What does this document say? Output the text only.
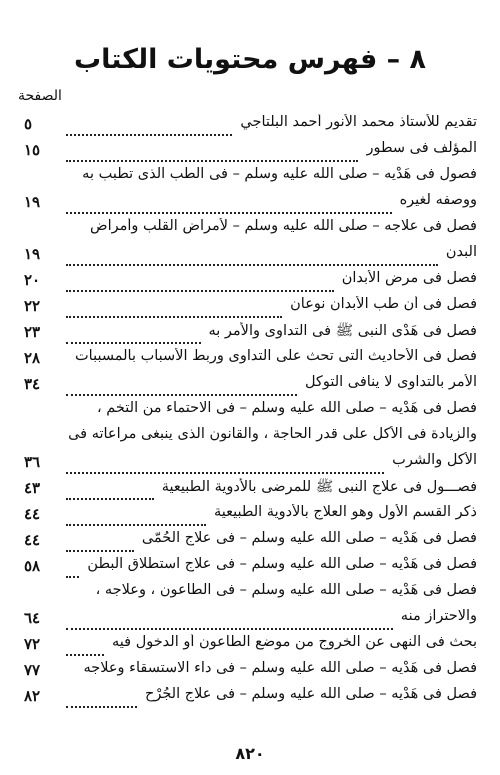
٨ – فهرس محتويات الكتاب
الصفحة
تقديم للأستاذ محمد الأنور أحمد البلتاجي
٥
المؤلف فى سطور
١٥
فصول فى هَدْيه – صلى الله عليه وسلم – فى الطب الذى تطبب به
ووصفه لغيره
١٩
فصل فى علاجه – صلى الله عليه وسلم – لأمراض القلب وأمراض
البدن
١٩
فصل فى مرض الأبدان
٢٠
فصل فى أن طب الأبدان نوعان
٢٢
فصل فى هَدْى النبى ﷺ فى التداوى والأمر به
٢٣
فصل فى الأحاديث التى تحث على التداوى وربط الأسباب بالمسببات
٢٨
الأمر بالتداوى لا ينافى التوكل
٣٤
فصل فى هَدْيه – صلى الله عليه وسلم – فى الاحتماء من التخم ،
والزيادة فى الأكل على قدر الحاجة ، والقانون الذى ينبغى مراعاته فى
الأكل والشرب
٣٦
فصـــول فى علاج النبى ﷺ للمرضى بالأدوية الطبيعية
٤٣
ذكر القسم الأول وهو العلاج بالأدوية الطبيعية
٤٤
فصل فى هَدْيه – صلى الله عليه وسلم – فى علاج الحُمّى
٤٤
فصل فى هَدْيه – صلى الله عليه وسلم – فى علاج استطلاق البطن
٥٨
فصل فى هَدْيه – صلى الله عليه وسلم – فى الطاعون ، وعلاجه ،
والاحتراز منه
٦٤
بحث فى النهى عن الخروج من موضع الطاعون أو الدخول فيه
٧٢
فصل فى هَدْيه – صلى الله عليه وسلم – فى داء الاستسقاء وعلاجه
٧٧
فصل فى هَدْيه – صلى الله عليه وسلم – فى علاج الجُرْح
٨٢
٨٢٠
